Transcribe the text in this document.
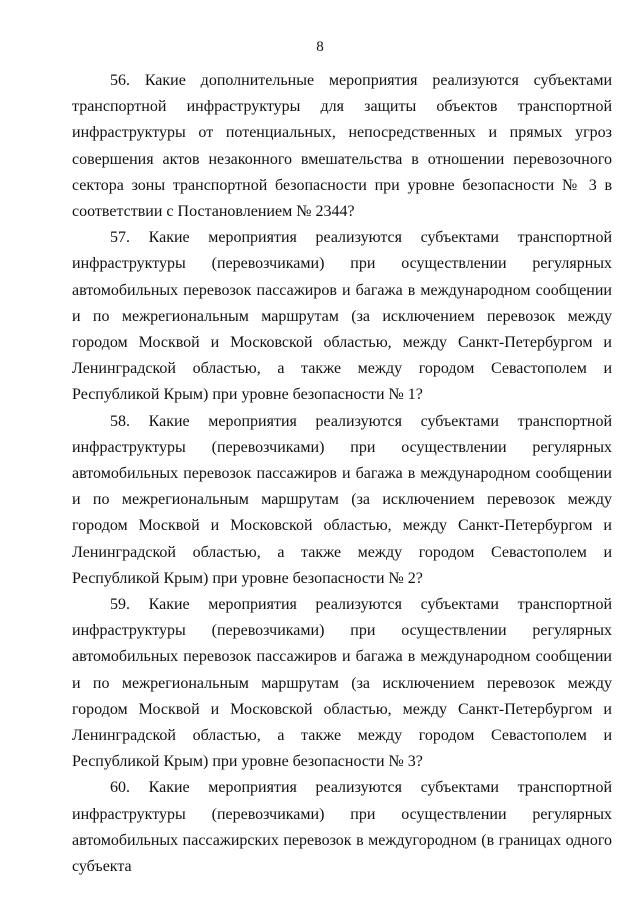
8

56. Какие дополнительные мероприятия реализуются субъектами транспортной инфраструктуры для защиты объектов транспортной инфраструктуры от потенциальных, непосредственных и прямых угроз совершения актов незаконного вмешательства в отношении перевозочного сектора зоны транспортной безопасности при уровне безопасности № 3 в соответствии с Постановлением № 2344?

57. Какие мероприятия реализуются субъектами транспортной инфраструктуры (перевозчиками) при осуществлении регулярных автомобильных перевозок пассажиров и багажа в международном сообщении и по межрегиональным маршрутам (за исключением перевозок между городом Москвой и Московской областью, между Санкт-Петербургом и Ленинградской областью, а также между городом Севастополем и Республикой Крым) при уровне безопасности № 1?

58. Какие мероприятия реализуются субъектами транспортной инфраструктуры (перевозчиками) при осуществлении регулярных автомобильных перевозок пассажиров и багажа в международном сообщении и по межрегиональным маршрутам (за исключением перевозок между городом Москвой и Московской областью, между Санкт-Петербургом и Ленинградской областью, а также между городом Севастополем и Республикой Крым) при уровне безопасности № 2?

59. Какие мероприятия реализуются субъектами транспортной инфраструктуры (перевозчиками) при осуществлении регулярных автомобильных перевозок пассажиров и багажа в международном сообщении и по межрегиональным маршрутам (за исключением перевозок между городом Москвой и Московской областью, между Санкт-Петербургом и Ленинградской областью, а также между городом Севастополем и Республикой Крым) при уровне безопасности № 3?

60. Какие мероприятия реализуются субъектами транспортной инфраструктуры (перевозчиками) при осуществлении регулярных автомобильных пассажирских перевозок в междугородном (в границах одного субъекта
